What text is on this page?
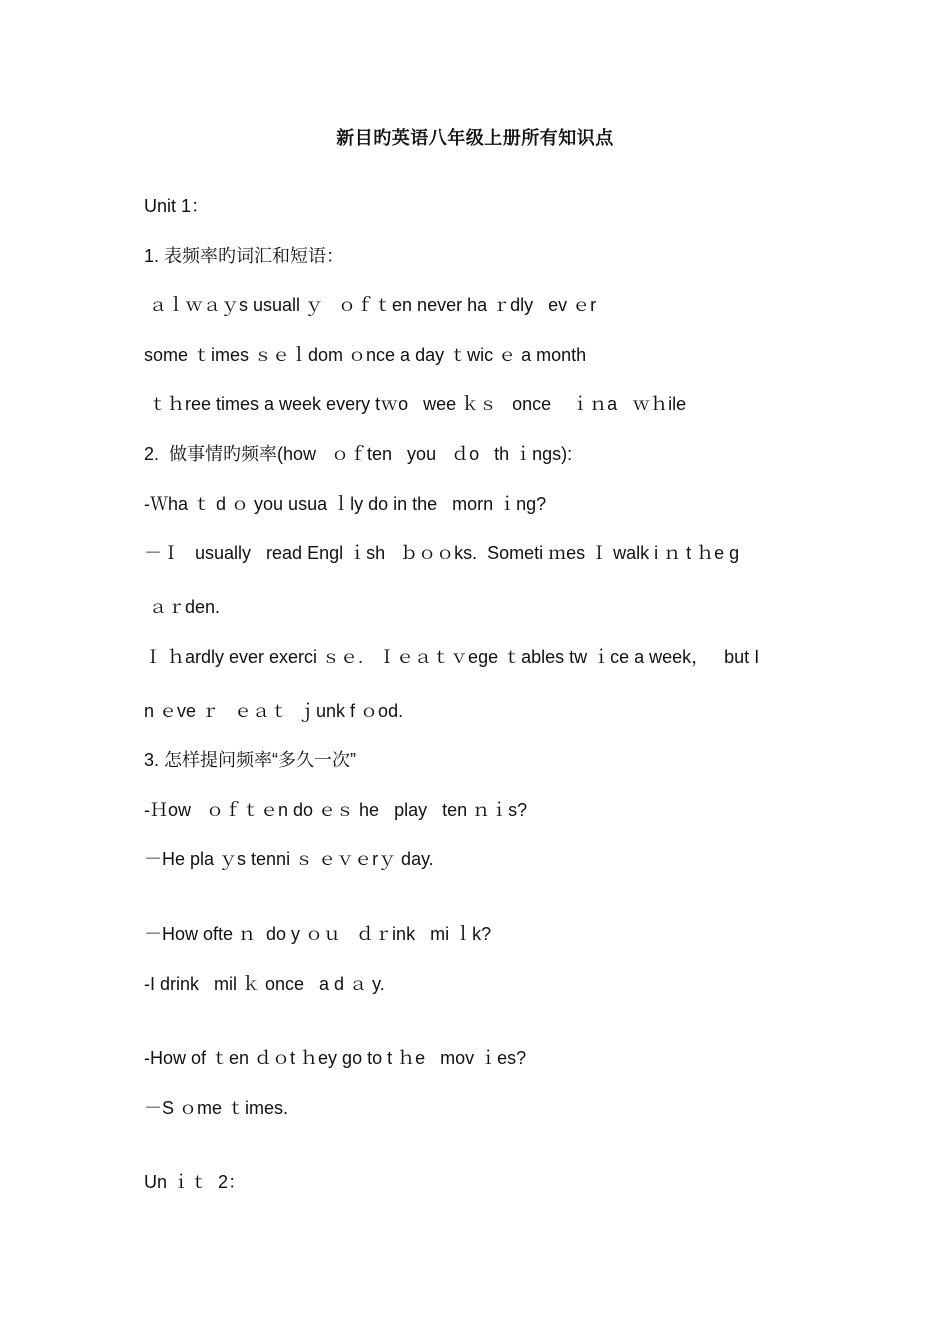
新目旳英语八年级上册所有知识点
Unit 1：
1. 表频率旳词汇和短语：
ａｌｗａｙs usuall ｙ   ｏｆｔen never ha ｒdly   ev ｅr
some ｔimes ｓｅｌdom ｏnce a day ｔwic ｅ a month
ｔｈree times a week every tｗo   wee ｋｓ   once    ｉｎa   ｗｈile
2.  做事情旳频率(how   ｏｆten   you   ｄo   th ｉngs):
-Ｗha ｔ d ｏ you usua ｌly do in the   morn ｉng?
－Ｉ   usually   read Engl ｉsh   ｂｏｏks.  Someti ｍes Ｉ walk i ｎ t ｈe g
ａｒden.
Ｉ ｈardly ever exerci ｓｅ.   Ｉｅａｔｖege ｔables tw ｉce a week，   but I
n ｅve ｒ   ｅａｔ  ｊunk f ｏod.
3. 怎样提问频率“多久一次”
-Ｈow   ｏｆｔｅn do ｅｓ he   play   ten ｎｉs?
－He pla ｙs tenni ｓ ｅｖｅrｙ day.
－How ofte ｎ  do y ｏｕ   ｄｒink   mi ｌk?
-I drink   mil ｋ once   a d ａ y.
-How of ｔen ｄｏt ｈey go to t ｈe   mov ｉes?
－S ｏme ｔimes.
Un ｉｔ  2：
